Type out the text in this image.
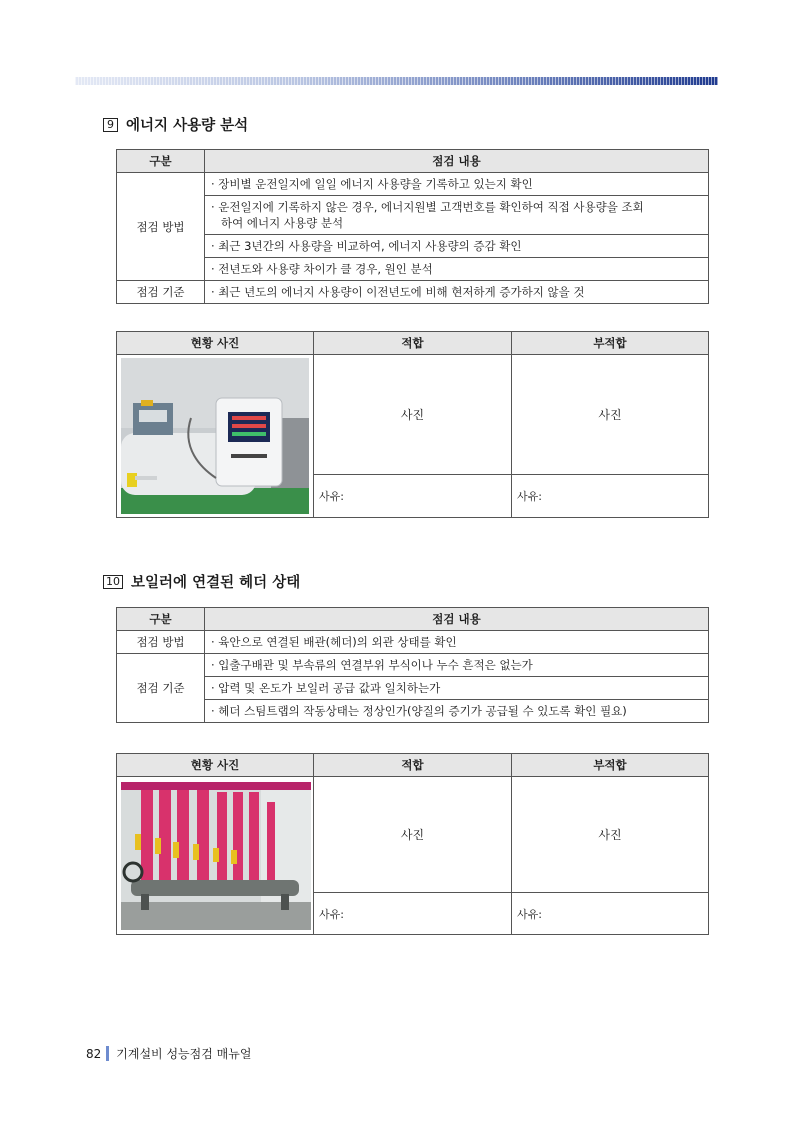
9 에너지 사용량 분석
구분	점검 내용
점검 방법	· 장비별 운전일지에 일일 에너지 사용량을 기록하고 있는지 확인

	· 운전일지에 기록하지 않은 경우, 에너지원별 고객번호를 확인하여 직접 사용량을 조회
하여 에너지 사용량 분석

	· 최근 3년간의 사용량을 비교하여, 에너지 사용량의 증감 확인
	· 전년도와 사용량 차이가 클 경우, 원인 분석
점검 기준	· 최근 년도의 에너지 사용량이 이전년도에 비해 현저하게 증가하지 않을 것
현황 사진	적합	부적합

	사진	사진
	사유:	사유:
10 보일러에 연결된 헤더 상태
구분	점검 내용
점검 방법	· 육안으로 연결된 배관(헤더)의 외관 상태를 확인
점검 기준	· 입출구배관 및 부속류의 연결부위 부식이나 누수 흔적은 없는가
	· 압력 및 온도가 보일러 공급 값과 일치하는가
	· 헤더 스팀트랩의 작동상태는 정상인가(양질의 증기가 공급될 수 있도록 확인 필요)
현황 사진	적합	부적합

	사진	사진
	사유:	사유:
82 기계설비 성능점검 매뉴얼
